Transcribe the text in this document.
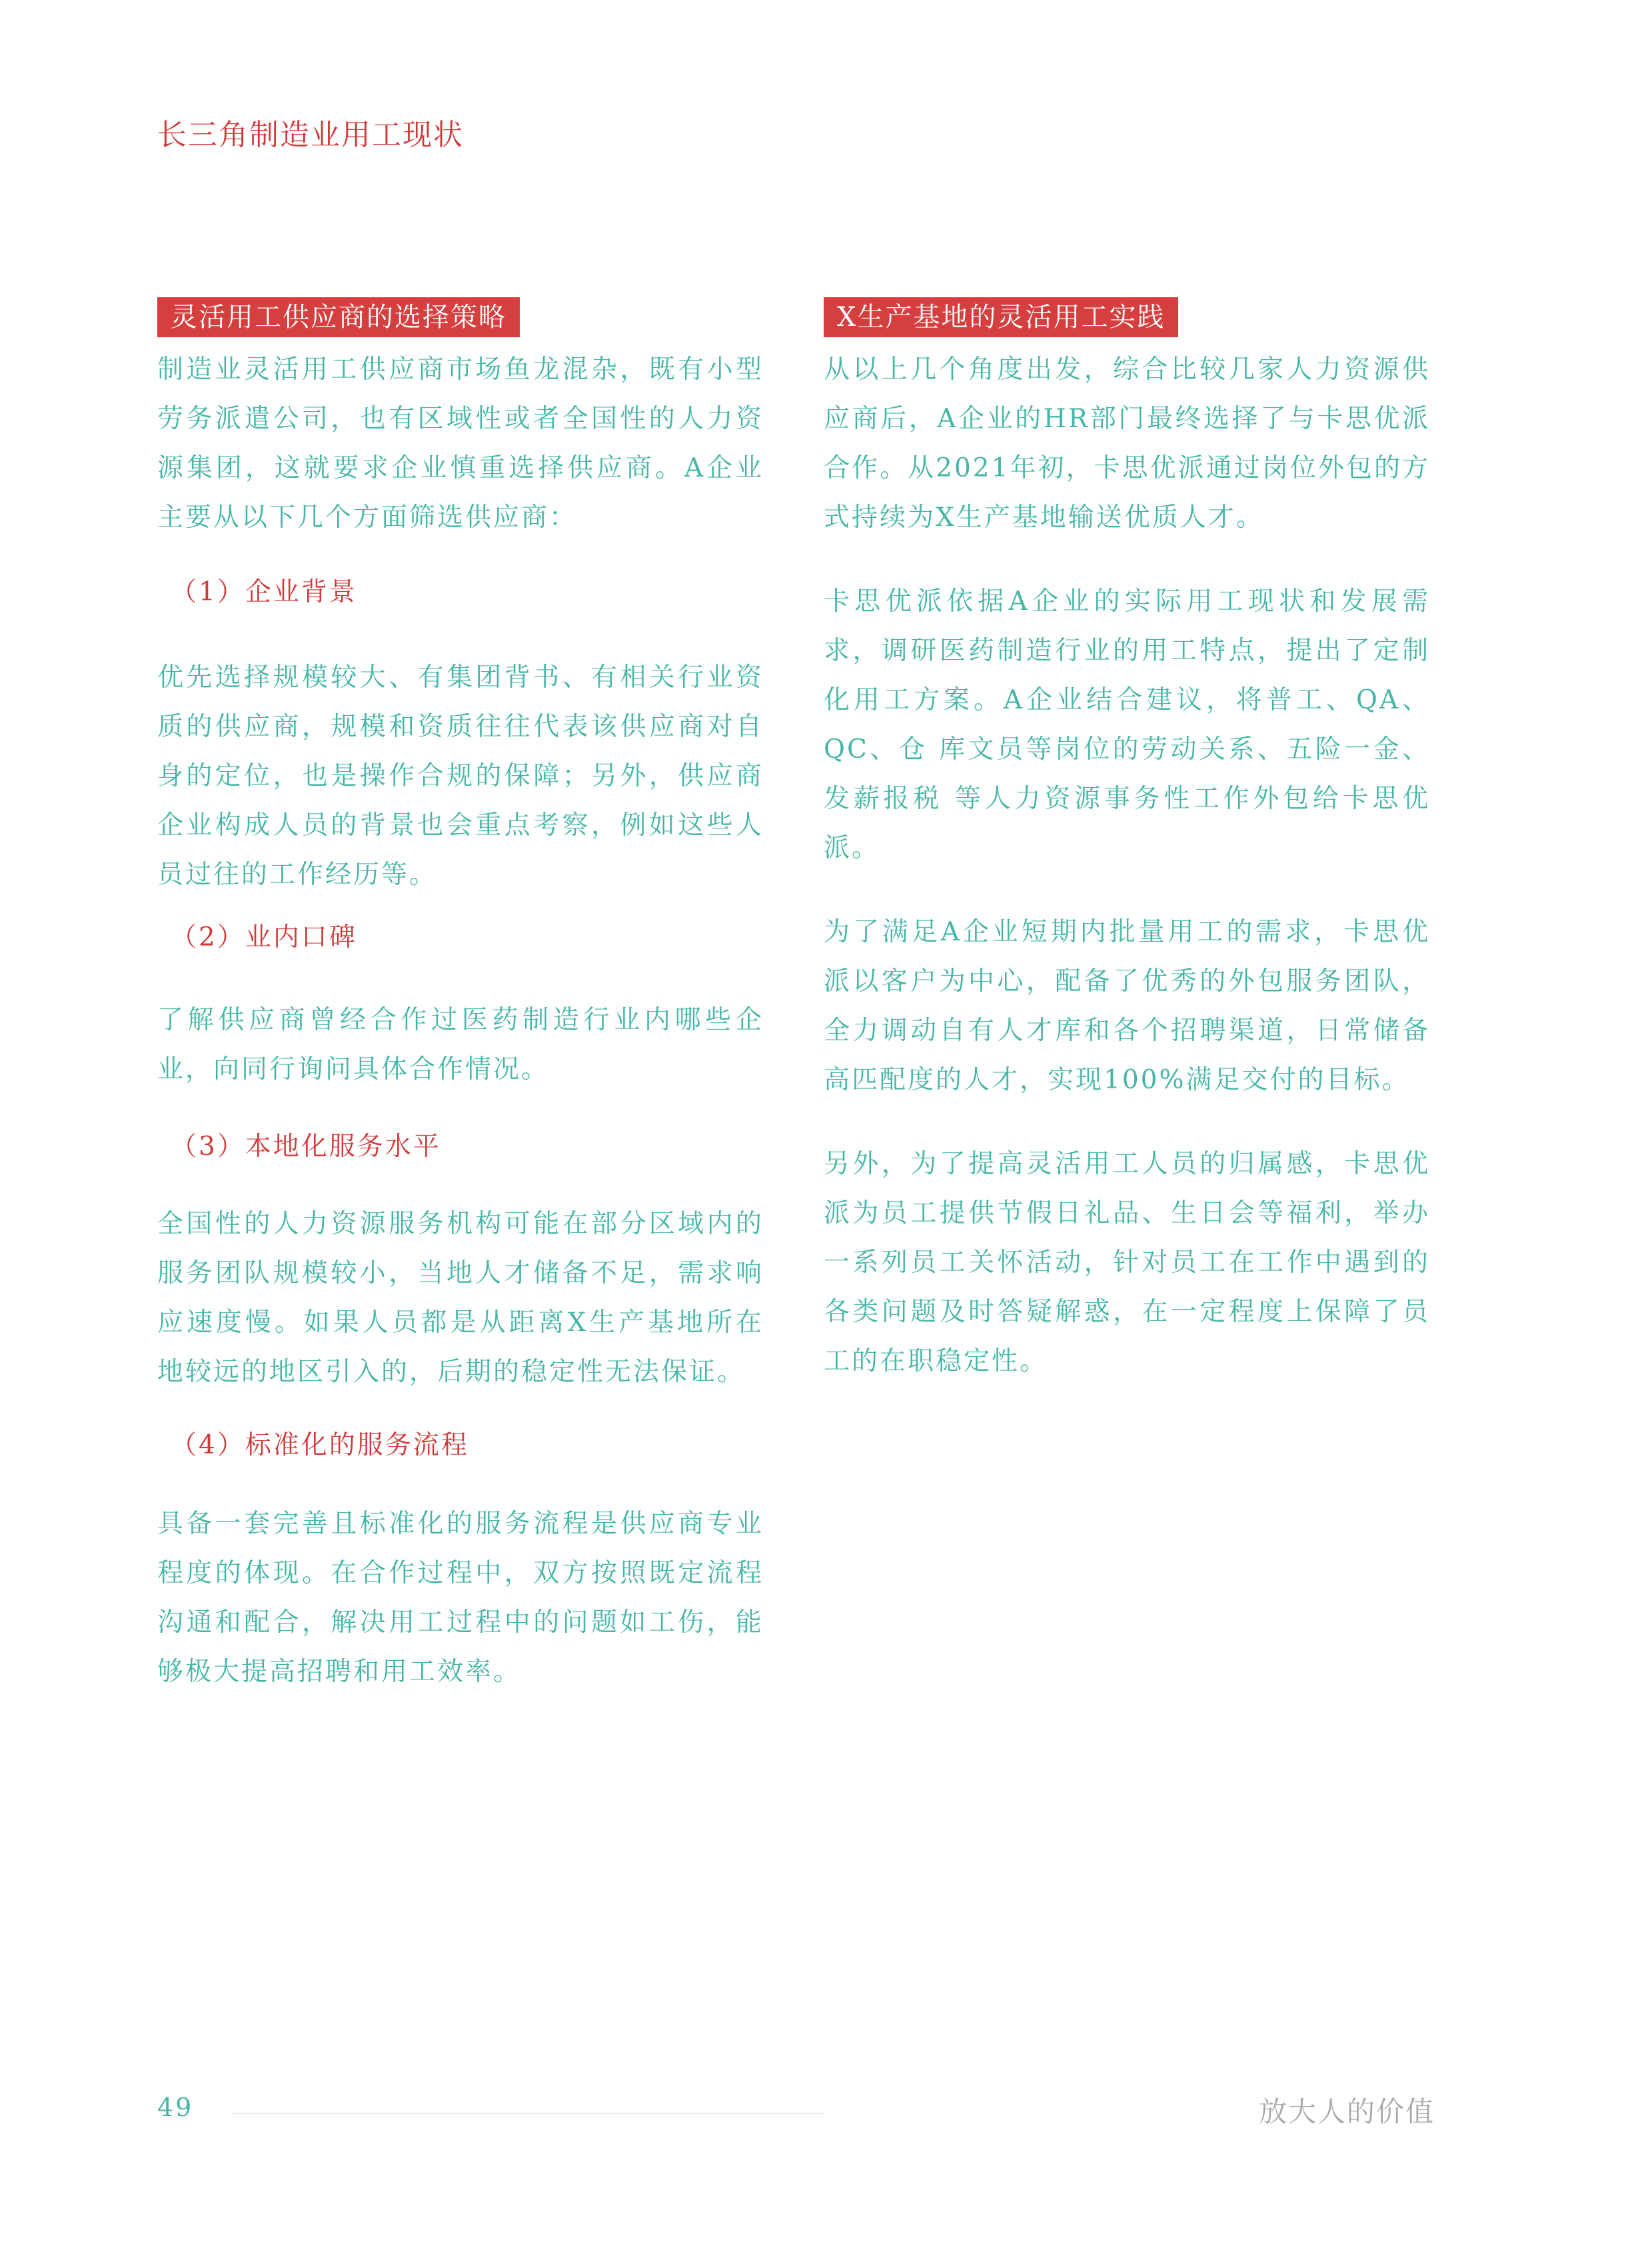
长三角制造业用工现状
灵活用工供应商的选择策略

制造业灵活用工供应商市场鱼龙混杂，既有小型劳务派遣公司，也有区域性或者全国性的人力资源集团，这就要求企业慎重选择供应商。A企业主要从以下几个方面筛选供应商：

（1）企业背景

优先选择规模较大、有集团背书、有相关行业资质的供应商，规模和资质往往代表该供应商对自身的定位，也是操作合规的保障；另外，供应商企业构成人员的背景也会重点考察，例如这些人员过往的工作经历等。

（2）业内口碑

了解供应商曾经合作过医药制造行业内哪些企业，向同行询问具体合作情况。

（3）本地化服务水平

全国性的人力资源服务机构可能在部分区域内的服务团队规模较小，当地人才储备不足，需求响应速度慢。如果人员都是从距离X生产基地所在地较远的地区引入的，后期的稳定性无法保证。

（4）标准化的服务流程

具备一套完善且标准化的服务流程是供应商专业程度的体现。在合作过程中，双方按照既定流程沟通和配合，解决用工过程中的问题如工伤，能够极大提高招聘和用工效率。

X生产基地的灵活用工实践

从以上几个角度出发，综合比较几家人力资源供应商后，A企业的HR部门最终选择了与卡思优派 合作。从2021年初，卡思优派通过岗位外包的方 式持续为X生产基地输送优质人才。

卡思优派依据A企业的实际用工现状和发展需求，调研医药制造行业的用工特点，提出了定制化用工方案。A企业结合建议，将普工、QA、QC、仓 库文员等岗位的劳动关系、五险一金、发薪报税 等人力资源事务性工作外包给卡思优派。

为了满足A企业短期内批量用工的需求，卡思优派以客户为中心，配备了优秀的外包服务团队，全力调动自有人才库和各个招聘渠道，日常储备高匹配度的人才，实现100%满足交付的目标。

另外，为了提高灵活用工人员的归属感，卡思优派为员工提供节假日礼品、生日会等福利，举办一系列员工关怀活动，针对员工在工作中遇到的各类问题及时答疑解惑，在一定程度上保障了员工的在职稳定性。

49	放大人的价值
